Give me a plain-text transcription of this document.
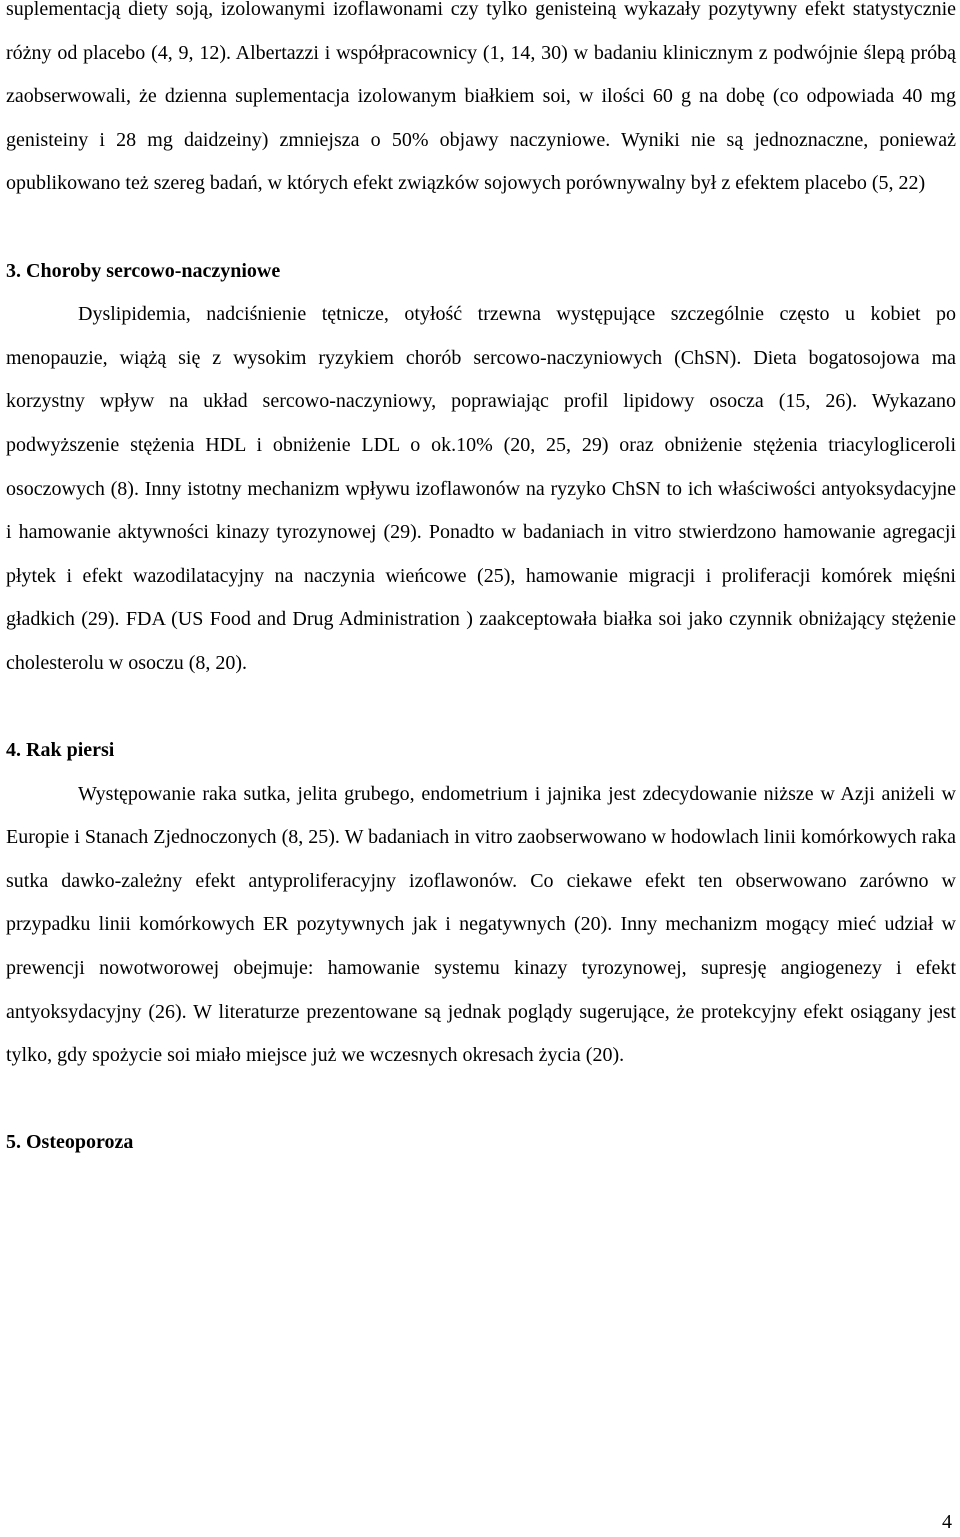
suplementacją diety soją, izolowanymi izoflawonami czy tylko genisteiną wykazały pozytywny efekt statystycznie różny od placebo (4, 9, 12). Albertazzi i współpracownicy (1, 14, 30) w badaniu klinicznym z podwójnie ślepą próbą zaobserwowali, że dzienna suplementacja izolowanym białkiem soi, w ilości 60 g na dobę (co odpowiada 40 mg genisteiny i 28 mg daidzeiny) zmniejsza o 50% objawy naczyniowe. Wyniki nie są jednoznaczne, ponieważ opublikowano też szereg badań, w których efekt związków sojowych porównywalny był z efektem placebo (5, 22)

3. Choroby sercowo-naczyniowe

Dyslipidemia, nadciśnienie tętnicze, otyłość trzewna występujące szczególnie często u kobiet po menopauzie, wiążą się z wysokim ryzykiem chorób sercowo-naczyniowych (ChSN). Dieta bogatosojowa ma korzystny wpływ na układ sercowo-naczyniowy, poprawiając profil lipidowy osocza (15, 26). Wykazano podwyższenie stężenia HDL i obniżenie LDL o ok.10% (20, 25, 29) oraz obniżenie stężenia triacylogliceroli osoczowych (8). Inny istotny mechanizm wpływu izoflawonów na ryzyko ChSN to ich właściwości antyoksydacyjne i hamowanie aktywności kinazy tyrozynowej (29). Ponadto w badaniach in vitro stwierdzono hamowanie agregacji płytek i efekt wazodilatacyjny na naczynia wieńcowe (25), hamowanie migracji i proliferacji komórek mięśni gładkich (29). FDA (US Food and Drug Administration ) zaakceptowała białka soi jako czynnik obniżający stężenie cholesterolu w osoczu (8, 20).

4. Rak piersi

Występowanie raka sutka, jelita grubego, endometrium i jajnika jest zdecydowanie niższe w Azji aniżeli w Europie i Stanach Zjednoczonych (8, 25). W badaniach in vitro zaobserwowano w hodowlach linii komórkowych raka sutka dawko-zależny efekt antyproliferacyjny izoflawonów. Co ciekawe efekt ten obserwowano zarówno w przypadku linii komórkowych ER pozytywnych jak i negatywnych (20). Inny mechanizm mogący mieć udział w prewencji nowotworowej obejmuje: hamowanie systemu kinazy tyrozynowej, supresję angiogenezy i efekt antyoksydacyjny (26). W literaturze prezentowane są jednak poglądy sugerujące, że protekcyjny efekt osiągany jest tylko, gdy spożycie soi miało miejsce już we wczesnych okresach życia (20).

5. Osteoporoza
4
